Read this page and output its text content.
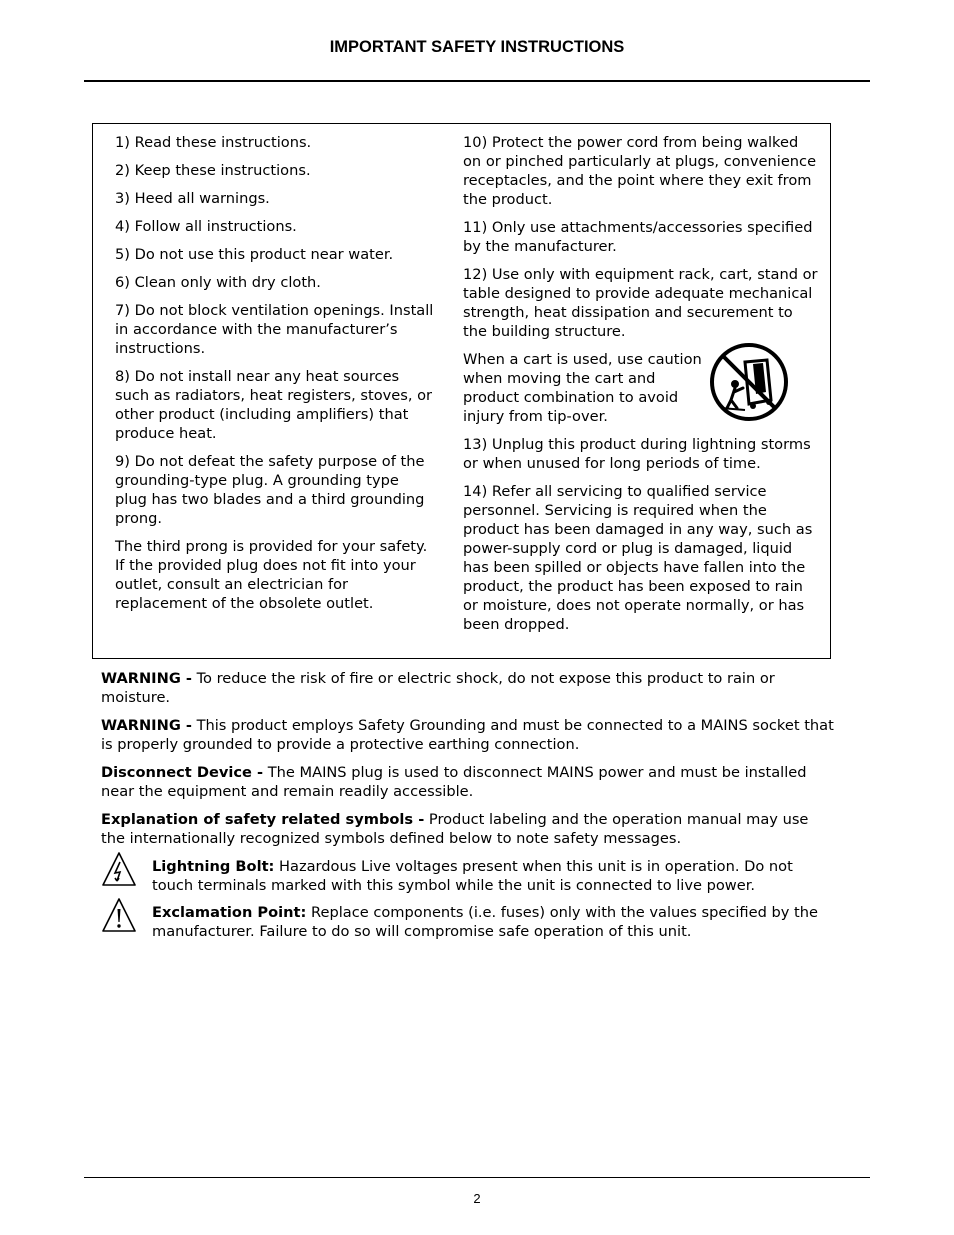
IMPORTANT SAFETY INSTRUCTIONS

1) Read these instructions.

2) Keep these instructions.

3) Heed all warnings.

4) Follow all instructions.

5) Do not use this product near water.

6) Clean only with dry cloth.

7) Do not block ventilation openings. Install in accordance with the manufacturer’s instructions.

8) Do not install near any heat sources such as radiators, heat registers, stoves, or other product (including amplifiers) that produce heat.

9) Do not defeat the safety purpose of the grounding-type plug. A grounding type plug has two blades and a third grounding prong.

The third prong is provided for your safety. If the provided plug does not fit into your outlet, consult an electrician for replacement of the obsolete outlet.

10) Protect the power cord from being walked on or pinched particularly at plugs, convenience receptacles, and the point where they exit from the product.

11) Only use attachments/accessories specified by the manufacturer.

12) Use only with equipment rack, cart, stand or table designed to provide adequate mechanical strength, heat dissipation and securement to the building structure.

When a cart is used, use caution when moving the cart and product combination to avoid injury from tip-over.

13) Unplug this product during lightning storms or when unused for long periods of time.

14) Refer all servicing to qualified service personnel. Servicing is required when the product has been damaged in any way, such as power-supply cord or plug is damaged, liquid has been spilled or objects have fallen into the product, the product has been exposed to rain or moisture, does not operate normally, or has been dropped.

WARNING - To reduce the risk of fire or electric shock, do not expose this product to rain or moisture.

WARNING - This product employs Safety Grounding and must be connected to a MAINS socket that is properly grounded to provide a protective earthing connection.

Disconnect Device - The MAINS plug is used to disconnect MAINS power and must be installed near the equipment and remain readily accessible.

Explanation of safety related symbols - Product labeling and the operation manual may use the internationally recognized symbols defined below to note safety messages.

Lightning Bolt: Hazardous Live voltages present when this unit is in operation. Do not touch terminals marked with this symbol while the unit is connected to live power.
Exclamation Point: Replace components (i.e. fuses) only with the values specified by the manufacturer. Failure to do so will compromise safe operation of this unit.
2
